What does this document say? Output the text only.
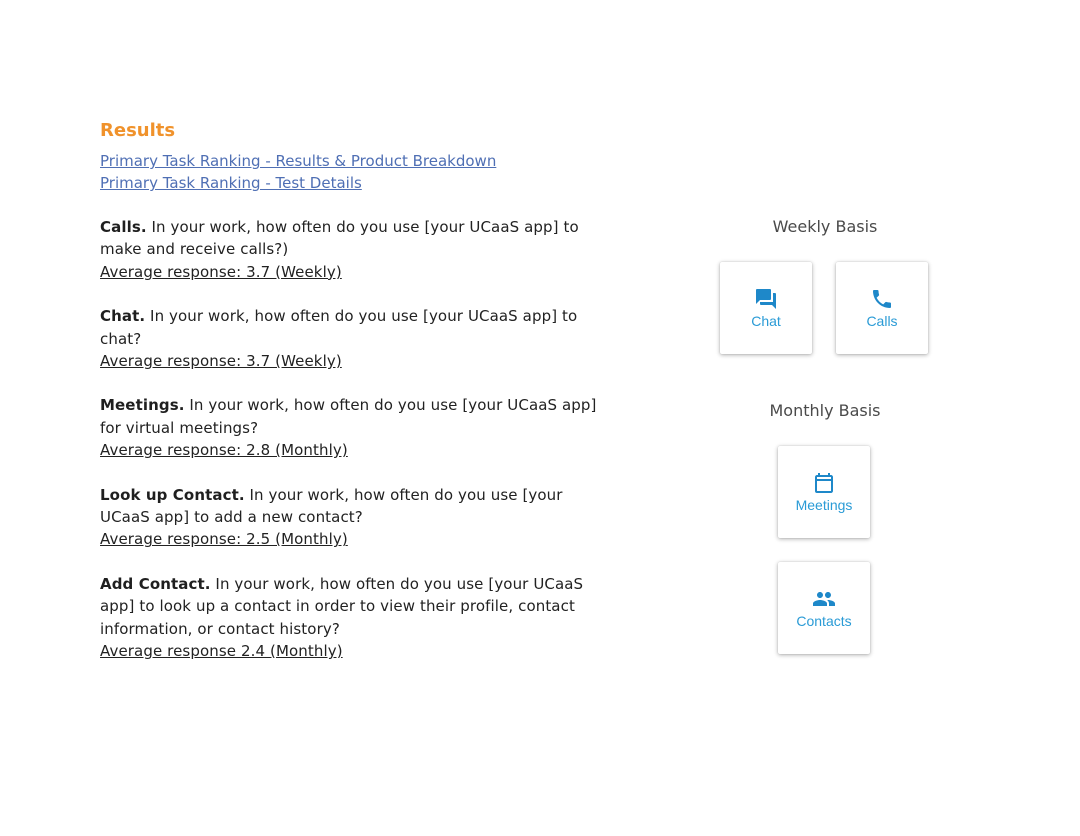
Results
Primary Task Ranking - Results & Product Breakdown
Primary Task Ranking - Test Details
Calls. In your work, how often do you use [your UCaaS app] to make and receive calls?)
Average response: 3.7 (Weekly)
Chat. In your work, how often do you use [your UCaaS app] to chat?
Average response: 3.7 (Weekly)
Meetings. In your work, how often do you use [your UCaaS app] for virtual meetings?
Average response: 2.8 (Monthly)
Look up Contact. In your work, how often do you use [your UCaaS app] to add a new contact?
Average response: 2.5 (Monthly)
Add Contact. In your work, how often do you use [your UCaaS app] to look up a contact in order to view their profile, contact information, or contact history?
Average response 2.4 (Monthly)
Weekly Basis
Chat	Calls
Monthly Basis
Meetings
Contacts
